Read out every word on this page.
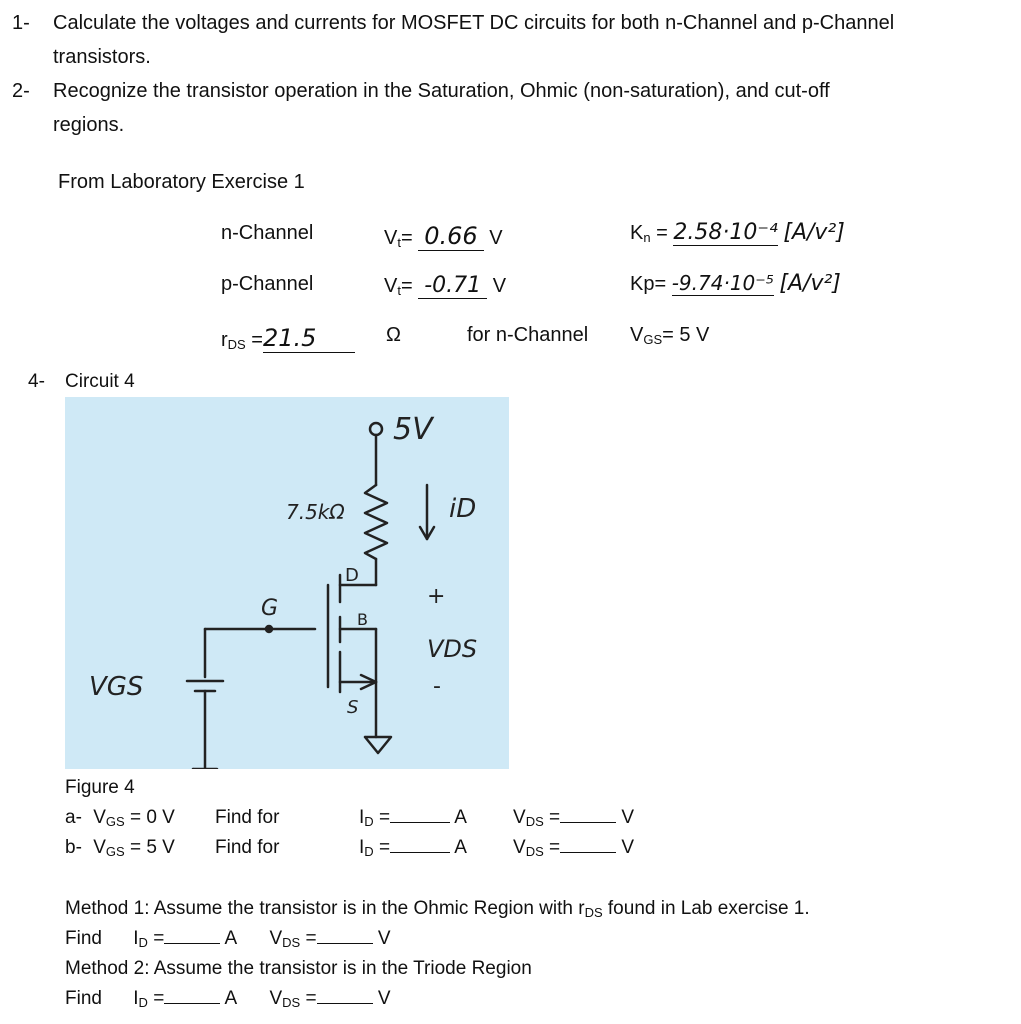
1- Calculate the voltages and currents for MOSFET DC circuits for both n-Channel and p-Channel
transistors.
2- Recognize the transistor operation in the Saturation, Ohmic (non-saturation), and cut-off
regions.
From Laboratory Exercise 1
n-Channel	$V_t= 0.66$ V	$K_n = 2.58\cdot 10^{-4}$ [A/v²]
p-Channel	$V_t= -0.71$ V	Kp= -9.74·10⁻⁵ [A/v²]
$r_{DS} =21.5$	Ω	for n-Channel $V_{GS}= 5$ V
4- Circuit 4
5V
7.5kΩ	iD
D
G	B
S
+
VDS
-
VGS
Figure 4
a- $V_{GS} = 0$ V Find for	$I_D$ =	A $V_{DS}$ =	V
b- $V_{GS} = 5$ V Find for	$I_D$ =	A $V_{DS}$ =	V
Method 1: Assume the transistor is in the Ohmic Region with $r_{DS}$ found in Lab exercise 1.
Find $I_D$ =	A $V_{DS}$ =	V
Method 2: Assume the transistor is in the Triode Region
Find $I_D$ =	A $V_{DS}$ =	V
